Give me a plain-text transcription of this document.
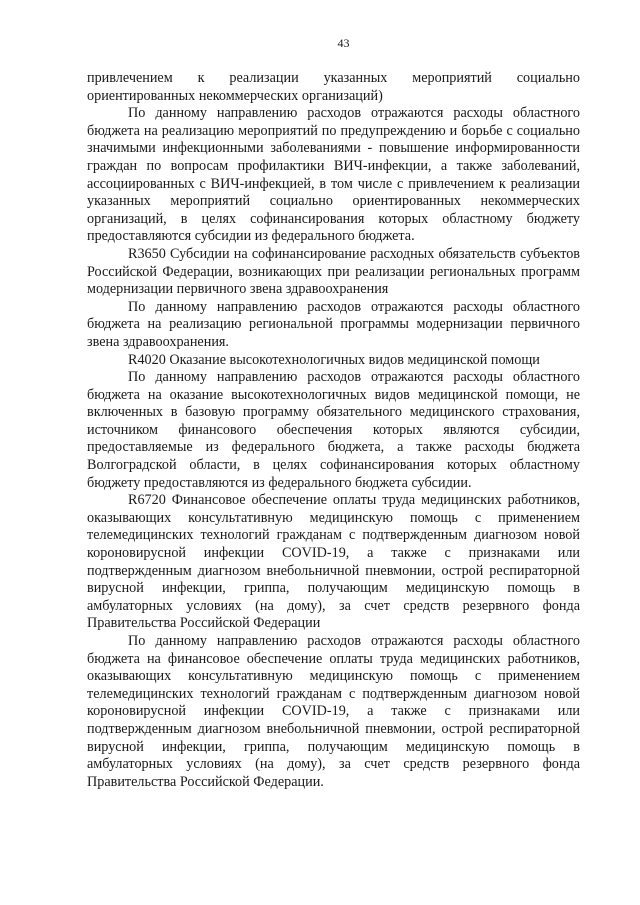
43

привлечением к реализации указанных мероприятий социально ориентированных некоммерческих организаций)

По данному направлению расходов отражаются расходы областного бюджета на реализацию мероприятий по предупреждению и борьбе с социально значимыми инфекционными заболеваниями - повышение информированности граждан по вопросам профилактики ВИЧ-инфекции, а также заболеваний, ассоциированных с ВИЧ-инфекцией, в том числе с привлечением к реализации указанных мероприятий социально ориентированных некоммерческих организаций, в целях софинансирования которых областному бюджету предоставляются субсидии из федерального бюджета.

R3650 Субсидии на софинансирование расходных обязательств субъектов Российской Федерации, возникающих при реализации региональных программ модернизации первичного звена здравоохранения

По данному направлению расходов отражаются расходы областного бюджета на реализацию региональной программы модернизации первичного звена здравоохранения.

R4020 Оказание высокотехнологичных видов медицинской помощи

По данному направлению расходов отражаются расходы областного бюджета на оказание высокотехнологичных видов медицинской помощи, не включенных в базовую программу обязательного медицинского страхования, источником финансового обеспечения которых являются субсидии, предоставляемые из федерального бюджета, а также расходы бюджета Волгоградской области, в целях софинансирования которых областному бюджету предоставляются из федерального бюджета субсидии.

R6720 Финансовое обеспечение оплаты труда медицинских работников, оказывающих консультативную медицинскую помощь с применением телемедицинских технологий гражданам с подтвержденным диагнозом новой короновирусной инфекции COVID-19, а также с признаками или подтвержденным диагнозом внебольничной пневмонии, острой респираторной вирусной инфекции, гриппа, получающим медицинскую помощь в амбулаторных условиях (на дому), за счет средств резервного фонда Правительства Российской Федерации

По данному направлению расходов отражаются расходы областного бюджета на финансовое обеспечение оплаты труда медицинских работников, оказывающих консультативную медицинскую помощь с применением телемедицинских технологий гражданам с подтвержденным диагнозом новой короновирусной инфекции COVID-19, а также с признаками или подтвержденным диагнозом внебольничной пневмонии, острой респираторной вирусной инфекции, гриппа, получающим медицинскую помощь в амбулаторных условиях (на дому), за счет средств резервного фонда Правительства Российской Федерации.
